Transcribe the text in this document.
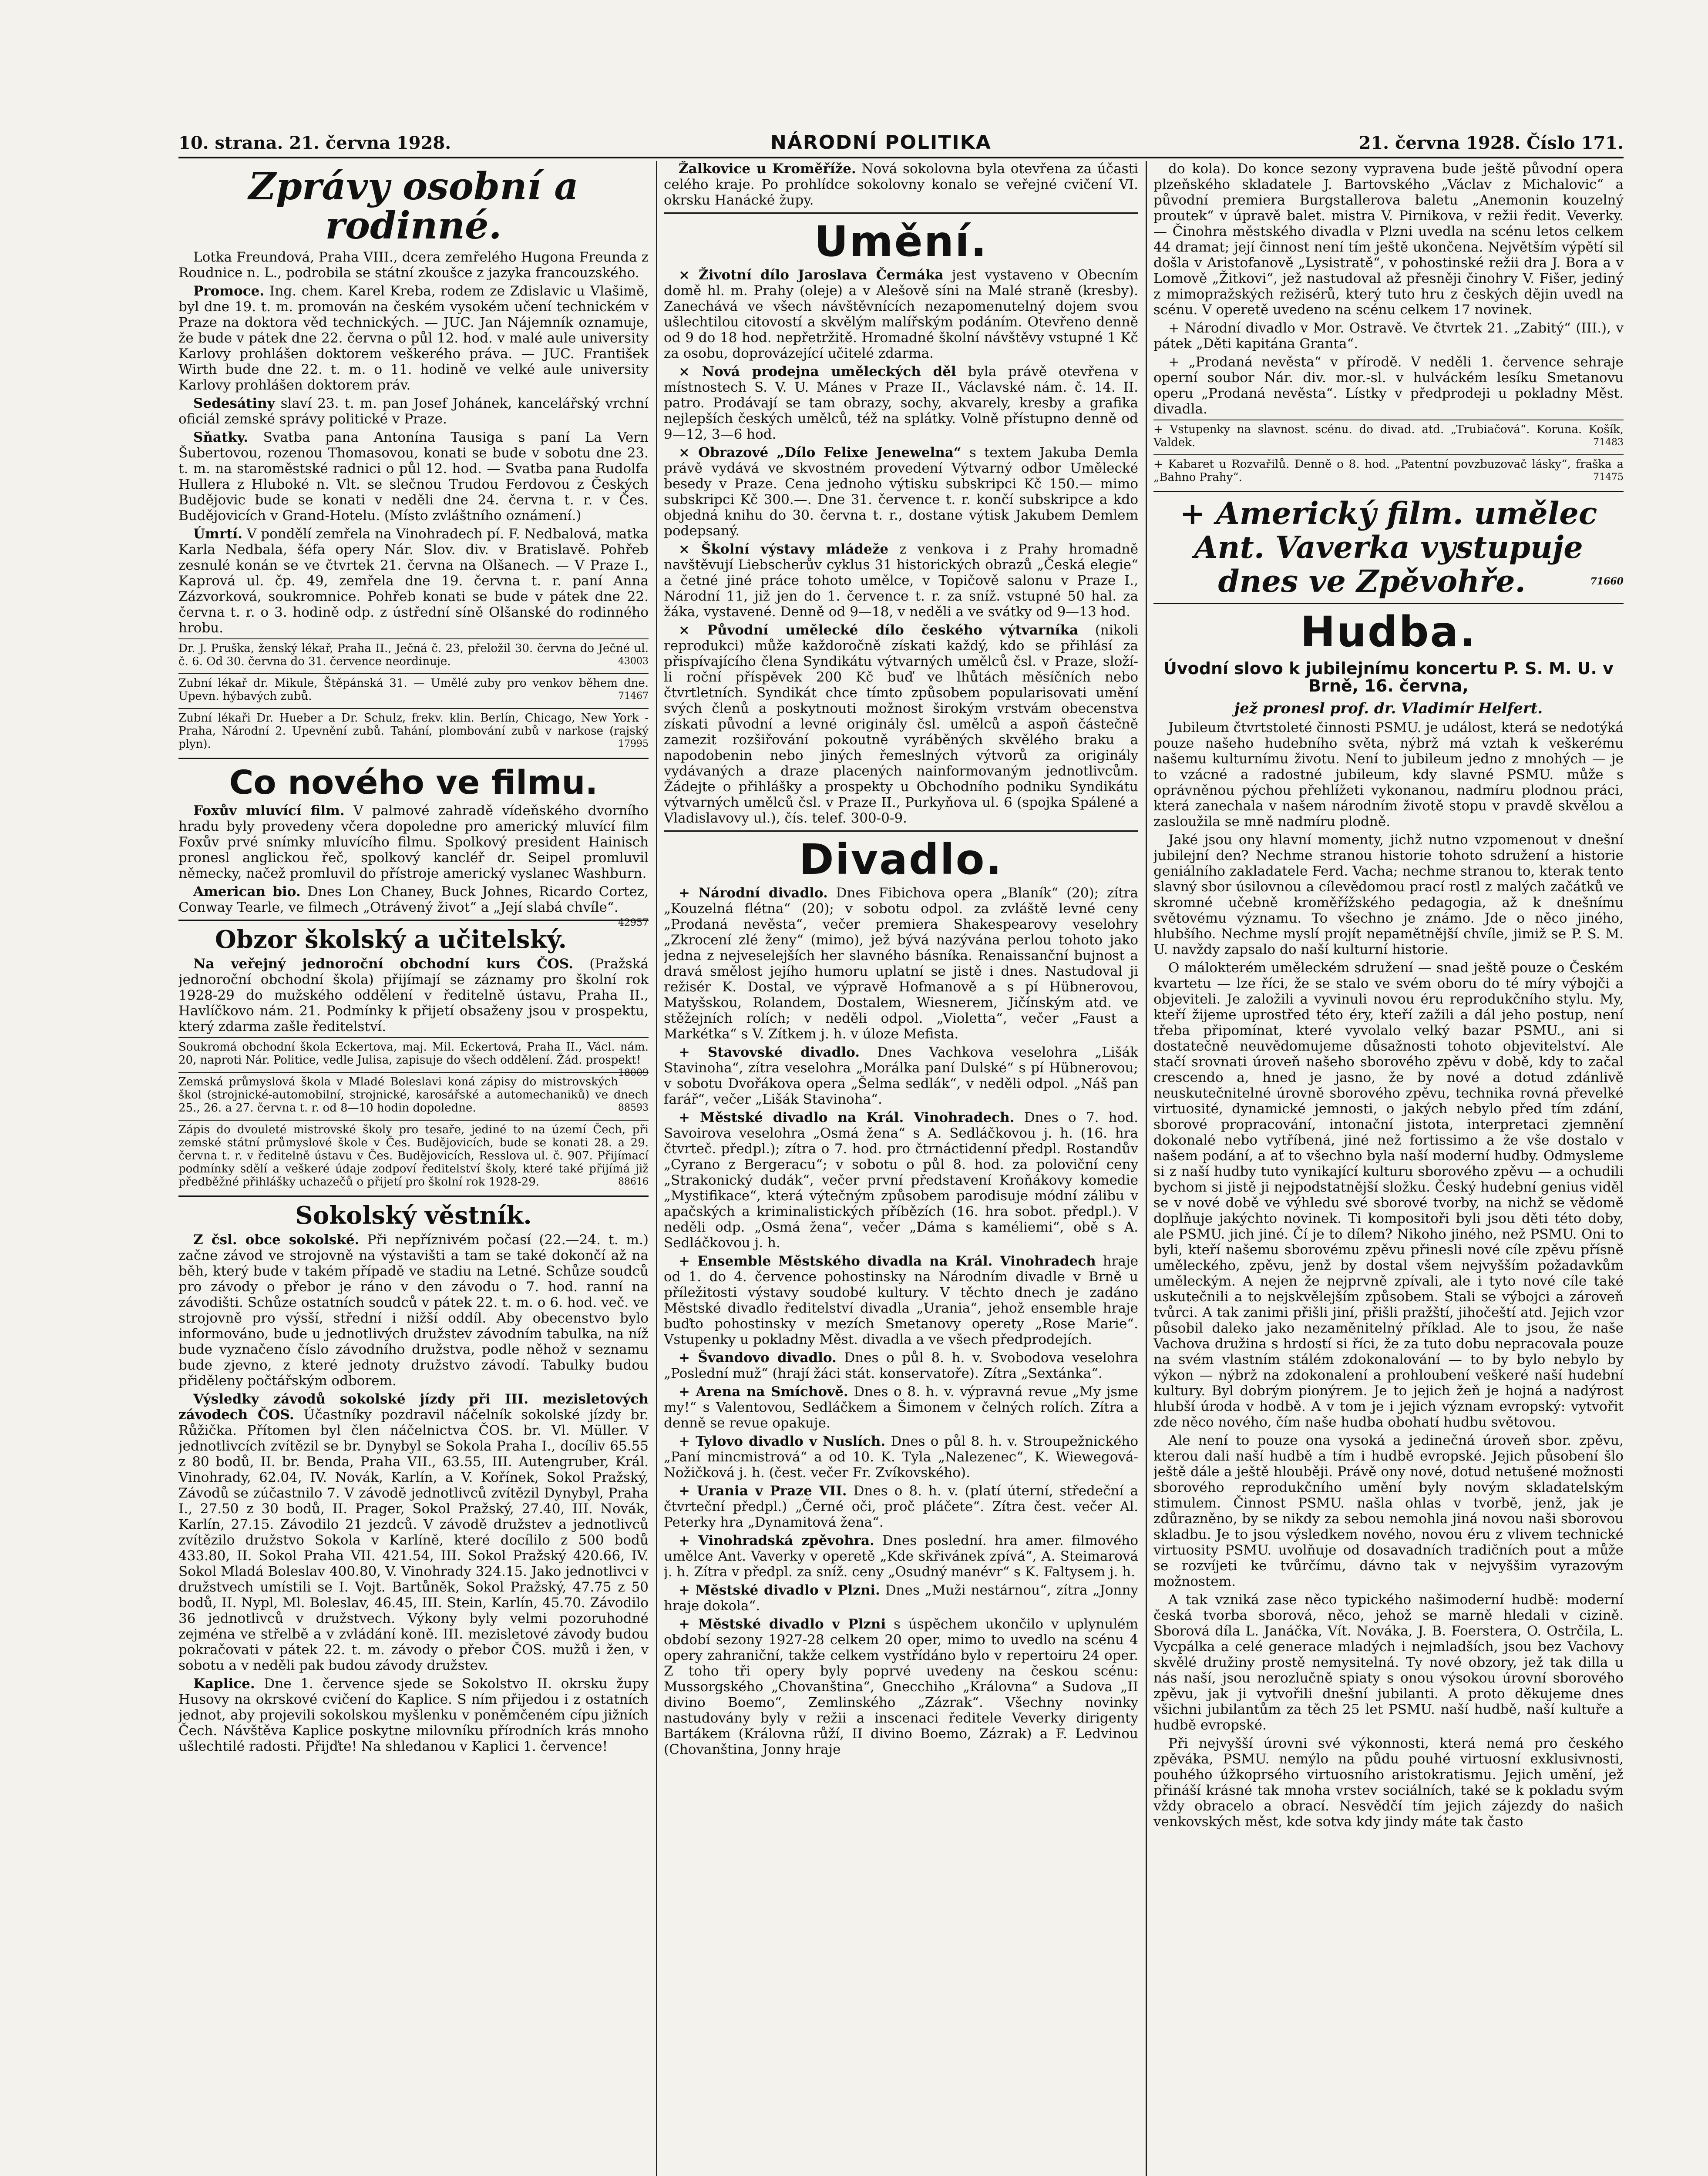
10. strana. 21. června 1928.	NÁRODNÍ POLITIKA	21. června 1928. Číslo 171.
Zprávy osobní a rodinné.

Lotka Freundová, Praha VIII., dcera zemřelého Hugona Freunda z Roudnice n. L., podrobila se státní zkoušce z jazyka francouzského.

Promoce. Ing. chem. Karel Kreba, rodem ze Zdislavic u Vlašimě, byl dne 19. t. m. promován na českém vysokém učení technickém v Praze na doktora věd technických. — JUC. Jan Nájemník oznamuje, že bude v pátek dne 22. června o půl 12. hod. v malé aule university Karlovy prohlášen doktorem veškerého práva. — JUC. František Wirth bude dne 22. t. m. o 11. hodině ve velké aule university Karlovy prohlášen doktorem práv.

Sedesátiny slaví 23. t. m. pan Josef Johánek, kancelářský vrchní oficiál zemské správy politické v Praze.

Sňatky. Svatba pana Antonína Tausiga s paní La Vern Šubertovou, rozenou Thomasovou, konati se bude v sobotu dne 23. t. m. na staroměstské radnici o půl 12. hod. — Svatba pana Rudolfa Hullera z Hluboké n. Vlt. se slečnou Trudou Ferdovou z Českých Budějovic bude se konati v neděli dne 24. června t. r. v Čes. Budějovicích v Grand-Hotelu. (Místo zvláštního oznámení.)

Úmrtí. V pondělí zemřela na Vinohradech pí. F. Nedbalová, matka Karla Nedbala, šéfa opery Nár. Slov. div. v Bratislavě. Pohřeb zesnulé konán se ve čtvrtek 21. června na Olšanech. — V Praze I., Kaprová ul. čp. 49, zemřela dne 19. června t. r. paní Anna Zázvorková, soukromnice. Pohřeb konati se bude v pátek dne 22. června t. r. o 3. hodině odp. z ústřední síně Olšanské do rodinného hrobu.

Dr. J. Pruška, ženský lékař, Praha II., Ječná č. 23, přeložil 30. června do Ječné ul. č. 6. Od 30. června do 31. července neordinuje.	43003
Zubní lékař dr. Mikule, Štěpánská 31. — Umělé zuby pro venkov během dne. Upevn. hýbavých zubů.	71467
Zubní lékaři Dr. Hueber a Dr. Schulz, frekv. klin. Berlín, Chicago, New York - Praha, Národní 2. Upevnění zubů. Tahání, plombování zubů v narkose (rajský plyn).	17995
Co nového ve filmu.

Foxův mluvící film. V palmové zahradě vídeňského dvorního hradu byly provedeny včera dopoledne pro americký mluvící film Foxův prvé snímky mluvícího filmu. Spolkový president Hainisch pronesl anglickou řeč, spolkový kancléř dr. Seipel promluvil německy, načež promluvil do přístroje americký vyslanec Washburn.

American bio. Dnes Lon Chaney, Buck Johnes, Ricardo Cortez, Conway Tearle, ve filmech „Otrávený život“ a „Její slabá chvíle“.
42957

Obzor školský a učitelský.

Na veřejný jednoroční obchodní kurs ČOS. (Pražská jednoroční obchodní škola) přijímají se záznamy pro školní rok 1928-29 do mužského oddělení v ředitelně ústavu, Praha II., Havlíčkovo nám. 21. Podmínky k přijetí obsaženy jsou v prospektu, který zdarma zašle ředitelství.

Soukromá obchodní škola Eckertova, maj. Mil. Eckertová, Praha II., Václ. nám. 20, naproti Nár. Politice, vedle Julisa, zapisuje do všech oddělení. Žád. prospekt!
18009
Zemská průmyslová škola v Mladé Boleslavi koná zápisy do mistrovských škol (strojnické-automobilní, strojnické, karosářské a automechaniků) ve dnech 25., 26. a 27. června t. r. od 8—10 hodin dopoledne.	88593
Zápis do dvouleté mistrovské školy pro tesaře, jediné to na území Čech, při zemské státní průmyslové škole v Čes. Budějovicích, bude se konati 28. a 29. června t. r. v ředitelně ústavu v Čes. Budějovicích, Resslova ul. č. 907. Přijímací podmínky sdělí a veškeré údaje zodpoví ředitelství školy, které také přijímá již předběžné přihlášky uchazečů o přijetí pro školní rok 1928-29.	88616
Sokolský věstník.

Z čsl. obce sokolské. Při nepříznivém počasí (22.—24. t. m.) začne závod ve strojovně na výstavišti a tam se také dokončí až na běh, který bude v takém případě ve stadiu na Letné. Schůze soudců pro závody o přebor je ráno v den závodu o 7. hod. ranní na závodišti. Schůze ostatních soudců v pátek 22. t. m. o 6. hod. več. ve strojovně pro výsší, střední i nižší oddíl. Aby obecenstvo bylo informováno, bude u jednotlivých družstev závodním tabulka, na níž bude vyznačeno číslo závodního družstva, podle něhož v seznamu bude zjevno, z které jednoty družstvo závodí. Tabulky budou přiděleny počtářským odborem.

Výsledky závodů sokolské jízdy při III. mezisletových závodech ČOS. Účastníky pozdravil náčelník sokolské jízdy br. Růžička. Přítomen byl člen náčelnictva ČOS. br. Vl. Müller. V jednotlivcích zvítězil se br. Dynybyl se Sokola Praha I., docíliv 65.55 z 80 bodů, II. br. Benda, Praha VII., 63.55, III. Autengruber, Král. Vinohrady, 62.04, IV. Novák, Karlín, a V. Kořínek, Sokol Pražský, Závodů se zúčastnilo 7. V závodě jednotlivců zvítězil Dynybyl, Praha I., 27.50 z 30 bodů, II. Prager, Sokol Pražský, 27.40, III. Novák, Karlín, 27.15. Závodilo 21 jezdců. V závodě družstev a jednotlivců zvítězilo družstvo Sokola v Karlíně, které docílilo z 500 bodů 433.80, II. Sokol Praha VII. 421.54, III. Sokol Pražský 420.66, IV. Sokol Mladá Boleslav 400.80, V. Vinohrady 324.15. Jako jednotlivci v družstvech umístili se I. Vojt. Bartůněk, Sokol Pražský, 47.75 z 50 bodů, II. Nypl, Ml. Boleslav, 46.45, III. Stein, Karlín, 45.70. Závodilo 36 jednotlivců v družstvech. Výkony byly velmi pozoruhodné zejména ve střelbě a v zvládání koně. III. mezisletové závody budou pokračovati v pátek 22. t. m. závody o přebor ČOS. mužů i žen, v sobotu a v neděli pak budou závody družstev.

Kaplice. Dne 1. července sjede se Sokolstvo II. okrsku župy Husovy na okrskové cvičení do Kaplice. S ním přijedou i z ostatních jednot, aby projevili sokolskou myšlenku v poněmčeném cípu jižních Čech. Návštěva Kaplice poskytne milovníku přírodních krás mnoho ušlechtilé radosti. Přijďte! Na shledanou v Kaplici 1. července!

Žalkovice u Kroměříže. Nová sokolovna byla otevřena za účasti celého kraje. Po prohlídce sokolovny konalo se veřejné cvičení VI. okrsku Hanácké župy.

Umění.

× Životní dílo Jaroslava Čermáka jest vystaveno v Obecním domě hl. m. Prahy (oleje) a v Alešově síni na Malé straně (kresby). Zanechává ve všech návštěvnících nezapomenutelný dojem svou ušlechtilou citovostí a skvělým malířským podáním. Otevřeno denně od 9 do 18 hod. nepřetržitě. Hromadné školní návštěvy vstupné 1 Kč za osobu, doprovázející učitelé zdarma.

× Nová prodejna uměleckých děl byla právě otevřena v místnostech S. V. U. Mánes v Praze II., Václavské nám. č. 14. II. patro. Prodávají se tam obrazy, sochy, akvarely, kresby a grafika nejlepších českých umělců, též na splátky. Volně přístupno denně od 9—12, 3—6 hod.

× Obrazové „Dílo Felixe Jenewelna“ s textem Jakuba Demla právě vydává ve skvostném provedení Výtvarný odbor Umělecké besedy v Praze. Cena jednoho výtisku subskripci Kč 150.— mimo subskripci Kč 300.—. Dne 31. července t. r. končí subskripce a kdo objedná knihu do 30. června t. r., dostane výtisk Jakubem Demlem podepsaný.

× Školní výstavy mládeže z venkova i z Prahy hromadně navštěvují Liebscherův cyklus 31 historických obrazů „Česká elegie“ a četné jiné práce tohoto umělce, v Topičově salonu v Praze I., Národní 11, již jen do 1. července t. r. za sníž. vstupné 50 hal. za žáka, vystavené. Denně od 9—18, v neděli a ve svátky od 9—13 hod.

× Původní umělecké dílo českého výtvarníka (nikoli reprodukci) může každoročně získati každý, kdo se přihlásí za přispívajícího člena Syndikátu výtvarných umělců čsl. v Praze, složí-li roční příspěvek 200 Kč buď ve lhůtách měsíčních nebo čtvrtletních. Syndikát chce tímto způsobem popularisovati umění svých členů a poskytnouti možnost širokým vrstvám obecenstva získati původní a levné originály čsl. umělců a aspoň částečně zamezit rozšiřování pokoutně vyráběných skvělého braku a napodobenin nebo jiných řemeslných výtvorů za originály vydávaných a draze placených nainformovaným jednotlivcům. Žádejte o přihlášky a prospekty u Obchodního podniku Syndikátu výtvarných umělců čsl. v Praze II., Purkyňova ul. 6 (spojka Spálené a Vladislavovy ul.), čís. telef. 300-0-9.

Divadlo.

+ Národní divadlo. Dnes Fibichova opera „Blaník“ (20); zítra „Kouzelná flétna“ (20); v sobotu odpol. za zvláště levné ceny „Prodaná nevěsta“, večer premiera Shakespearovy veselohry „Zkrocení zlé ženy“ (mimo), jež bývá nazývána perlou tohoto jako jedna z nejveselejších her slavného básníka. Renaissanční bujnost a dravá smělost jejího humoru uplatní se jistě i dnes. Nastudoval ji režisér K. Dostal, ve výpravě Hofmanově a s pí Hübnerovou, Matyšskou, Rolandem, Dostalem, Wiesnerem, Jičínským atd. ve stěžejních rolích; v neděli odpol. „Violetta“, večer „Faust a Markétka“ s V. Zítkem j. h. v úloze Mefista.

+ Stavovské divadlo. Dnes Vachkova veselohra „Lišák Stavinoha“, zítra veselohra „Morálka paní Dulské“ s pí Hübnerovou; v sobotu Dvořákova opera „Šelma sedlák“, v neděli odpol. „Náš pan farář“, večer „Lišák Stavinoha“.

+ Městské divadlo na Král. Vinohradech. Dnes o 7. hod. Savoirova veselohra „Osmá žena“ s A. Sedláčkovou j. h. (16. hra čtvrteč. předpl.); zítra o 7. hod. pro čtrnáctidenní předpl. Rostandův „Cyrano z Bergeracu“; v sobotu o půl 8. hod. za poloviční ceny „Strakonický dudák“, večer první představení Kroňákovy komedie „Mystifikace“, která výtečným způsobem parodisuje módní zálibu v apačských a kriminalistických příbězích (16. hra sobot. předpl.). V neděli odp. „Osmá žena“, večer „Dáma s kaméliemi“, obě s A. Sedláčkovou j. h.

+ Ensemble Městského divadla na Král. Vinohradech hraje od 1. do 4. července pohostinsky na Národním divadle v Brně u příležitosti výstavy soudobé kultury. V těchto dnech je zadáno Městské divadlo ředitelství divadla „Urania“, jehož ensemble hraje buďto pohostinsky v mezích Smetanovy operety „Rose Marie“. Vstupenky u pokladny Měst. divadla a ve všech předprodejích.

+ Švandovo divadlo. Dnes o půl 8. h. v. Svobodova veselohra „Poslední muž“ (hrají žáci stát. konservatoře). Zítra „Sextánka“.

+ Arena na Smíchově. Dnes o 8. h. v. výpravná revue „My jsme my!“ s Valentovou, Sedláčkem a Šimonem v čelných rolích. Zítra a denně se revue opakuje.

+ Tylovo divadlo v Nuslích. Dnes o půl 8. h. v. Stroupežnického „Paní mincmistrová“ a od 10. K. Tyla „Nalezenec“, K. Wiewegová-Nožičková j. h. (čest. večer Fr. Zvíkovského).

+ Urania v Praze VII. Dnes o 8. h. v. (platí úterní, středeční a čtvrteční předpl.) „Černé oči, proč pláčete“. Zítra čest. večer Al. Peterky hra „Dynamitová žena“.

+ Vinohradská zpěvohra. Dnes poslední. hra amer. filmového umělce Ant. Vaverky v operetě „Kde skřivánek zpívá“, A. Steimarová j. h. Zítra v předpl. za sníž. ceny „Osudný manévr“ s K. Faltysem j. h.

+ Městské divadlo v Plzni. Dnes „Muži nestárnou“, zítra „Jonny hraje dokola“.

+ Městské divadlo v Plzni s úspěchem ukončilo v uplynulém období sezony 1927-28 celkem 20 oper, mimo to uvedlo na scénu 4 opery zahraniční, takže celkem vystřídáno bylo v repertoiru 24 oper. Z toho tři opery byly poprvé uvedeny na českou scénu: Mussorgského „Chovanština“, Gnecchiho „Královna“ a Sudova „II divino Boemo“, Zemlinského „Zázrak“. Všechny novinky nastudovány byly v režii a inscenaci ředitele Veverky dirigenty Bartákem (Královna růží, II divino Boemo, Zázrak) a F. Ledvinou (Chovanština, Jonny hraje

do kola). Do konce sezony vypravena bude ještě původní opera plzeňského skladatele J. Bartovského „Václav z Michalovic“ a původní premiera Burgstallerova baletu „Anemonin kouzelný proutek“ v úpravě balet. mistra V. Pirnikova, v režii ředit. Veverky. — Činohra městského divadla v Plzni uvedla na scénu letos celkem 44 dramat; její činnost není tím ještě ukončena. Největším výpětí sil došla v Aristofanově „Lysistratě“, v pohostinské režii dra J. Bora a v Lomově „Žitkovi“, jež nastudoval až přesněji činohry V. Fišer, jediný z mimopražských režisérů, který tuto hru z českých dějin uvedl na scénu. V operetě uvedeno na scénu celkem 17 novinek.

+ Národní divadlo v Mor. Ostravě. Ve čtvrtek 21. „Zabitý“ (III.), v pátek „Děti kapitána Granta“.

+ „Prodaná nevěsta“ v přírodě. V neděli 1. července sehraje operní soubor Nár. div. mor.-sl. v hulváckém lesíku Smetanovu operu „Prodaná nevěsta“. Lístky v předprodeji u pokladny Měst. divadla.

+ Vstupenky na slavnost. scénu. do divad. atd. „Trubiačová“. Koruna. Košík, Valdek.	71483
+ Kabaret u Rozvařilů. Denně o 8. hod. „Patentní povzbuzovač lásky“, fraška a „Bahno Prahy“.	71475
+ Americký film. umělec Ant. Vaverka vystupuje dnes ve Zpěvohře.	71660
Hudba.
Úvodní slovo k jubilejnímu koncertu P. S. M. U. v Brně, 16. června,
jež pronesl prof. dr. Vladimír Helfert.

Jubileum čtvrtstoleté činnosti PSMU. je událost, která se nedotýká pouze našeho hudebního světa, nýbrž má vztah k veškerému našemu kulturnímu životu. Není to jubileum jedno z mnohých — je to vzácné a radostné jubileum, kdy slavné PSMU. může s oprávněnou pýchou přehlížeti vykonanou, nadmíru plodnou práci, která zanechala v našem národním životě stopu v pravdě skvělou a zasloužila se mně nadmíru plodně.

Jaké jsou ony hlavní momenty, jichž nutno vzpomenout v dnešní jubilejní den? Nechme stranou historie tohoto sdružení a historie geniálního zakladatele Ferd. Vacha; nechme stranou to, kterak tento slavný sbor úsilovnou a cílevědomou prací rostl z malých začátků ve skromné učebně kroměřížského pedagogia, až k dnešnímu světovému významu. To všechno je známo. Jde o něco jiného, hlubšího. Nechme myslí projít nepamětnější chvíle, jimiž se P. S. M. U. navždy zapsalo do naší kulturní historie.

O málokterém uměleckém sdružení — snad ještě pouze o Českém kvartetu — lze říci, že se stalo ve svém oboru do té míry výbojči a objeviteli. Je založili a vyvinuli novou éru reprodukčního stylu. My, kteří žijeme uprostřed této éry, kteří zažili a dál jeho postup, není třeba připomínat, které vyvolalo velký bazar PSMU., ani si dostatečně neuvědomujeme důsažnosti tohoto objevitelství. Ale stačí srovnati úroveň našeho sborového zpěvu v době, kdy to začal crescendo a, hned je jasno, že by nové a dotud zdánlivě neuskutečnitelné úrovně sborového zpěvu, technika rovná převelké virtuosité, dynamické jemnosti, o jakých nebylo před tím zdání, sborové propracování, intonační jistota, interpretaci zjemnění dokonalé nebo vytříbená, jiné než fortissimo a že vše dostalo v našem podání, a ať to všechno byla naší moderní hudby. Odmysleme si z naší hudby tuto vynikající kulturu sborového zpěvu — a ochudili bychom si jistě ji nejpodstatnější složku. Český hudební genius viděl se v nové době ve výhledu své sborové tvorby, na nichž se vědomě doplňuje jakýchto novinek. Ti kompositoři byli jsou děti této doby, ale PSMU. jich jiné. Čí je to dílem? Nikoho jiného, než PSMU. Oni to byli, kteří našemu sborovému zpěvu přinesli nové cíle zpěvu přísně uměleckého, zpěvu, jenž by dostal všem nejvyšším požadavkům uměleckým. A nejen že nejprvně zpívali, ale i tyto nové cíle také uskutečnili a to nejskvělejším způsobem. Stali se výbojci a zároveň tvůrci. A tak zanimi přišli jiní, přišli pražští, jihočeští atd. Jejich vzor působil daleko jako nezaměnitelný příklad. Ale to jsou, že naše Vachova družina s hrdostí si říci, že za tuto dobu nepracovala pouze na svém vlastním stálém zdokonalování — to by bylo nebylo by výkon — nýbrž na zdokonalení a prohloubení veškeré naší hudební kultury. Byl dobrým pionýrem. Je to jejich žeň je hojná a nadýrost hlubší úroda v hodbě. A v tom je i jejich význam evropský: vytvořit zde něco nového, čím naše hudba obohatí hudbu světovou.

Ale není to pouze ona vysoká a jedinečná úroveň sbor. zpěvu, kterou dali naší hudbě a tím i hudbě evropské. Jejich působení šlo ještě dále a ještě hlouběji. Právě ony nové, dotud netušené možnosti sborového reprodukčního umění byly novým skladatelským stimulem. Činnost PSMU. našla ohlas v tvorbě, jenž, jak je zdůrazněno, by se nikdy za sebou nemohla jiná novou naši sborovou skladbu. Je to jsou výsledkem nového, novou éru z vlivem technické virtuosity PSMU. uvolňuje od dosavadních tradičních pout a může se rozvíjeti ke tvůrčímu, dávno tak v nejvyššim vyrazovým možnostem.

A tak vzniká zase něco typického našimoderní hudbě: moderní česká tvorba sborová, něco, jehož se marně hledali v cizině. Sborová díla L. Janáčka, Vít. Nováka, J. B. Foerstera, O. Ostrčila, L. Vycpálka a celé generace mladých i nejmladších, jsou bez Vachovy skvělé družiny prostě nemysitelná. Ty nové obzory, jež tak dilla u nás naší, jsou nerozlučně spiaty s onou výsokou úrovní sborového zpěvu, jak ji vytvořili dnešní jubilanti. A proto děkujeme dnes všichni jubilantům za těch 25 let PSMU. naší hudbě, naší kultuře a hudbě evropské.

Při nejvyšší úrovni své výkonnosti, která nemá pro českého zpěváka, PSMU. nemýlo na půdu pouhé virtuosní exklusivnosti, pouhého úžkoprsého virtuosního aristokratismu. Jejich umění, jež přináší krásné tak mnoha vrstev sociálních, také se k pokladu svým vždy obracelo a obrací. Nesvědčí tím jejich zájezdy do našich venkovských měst, kde sotva kdy jindy máte tak často
